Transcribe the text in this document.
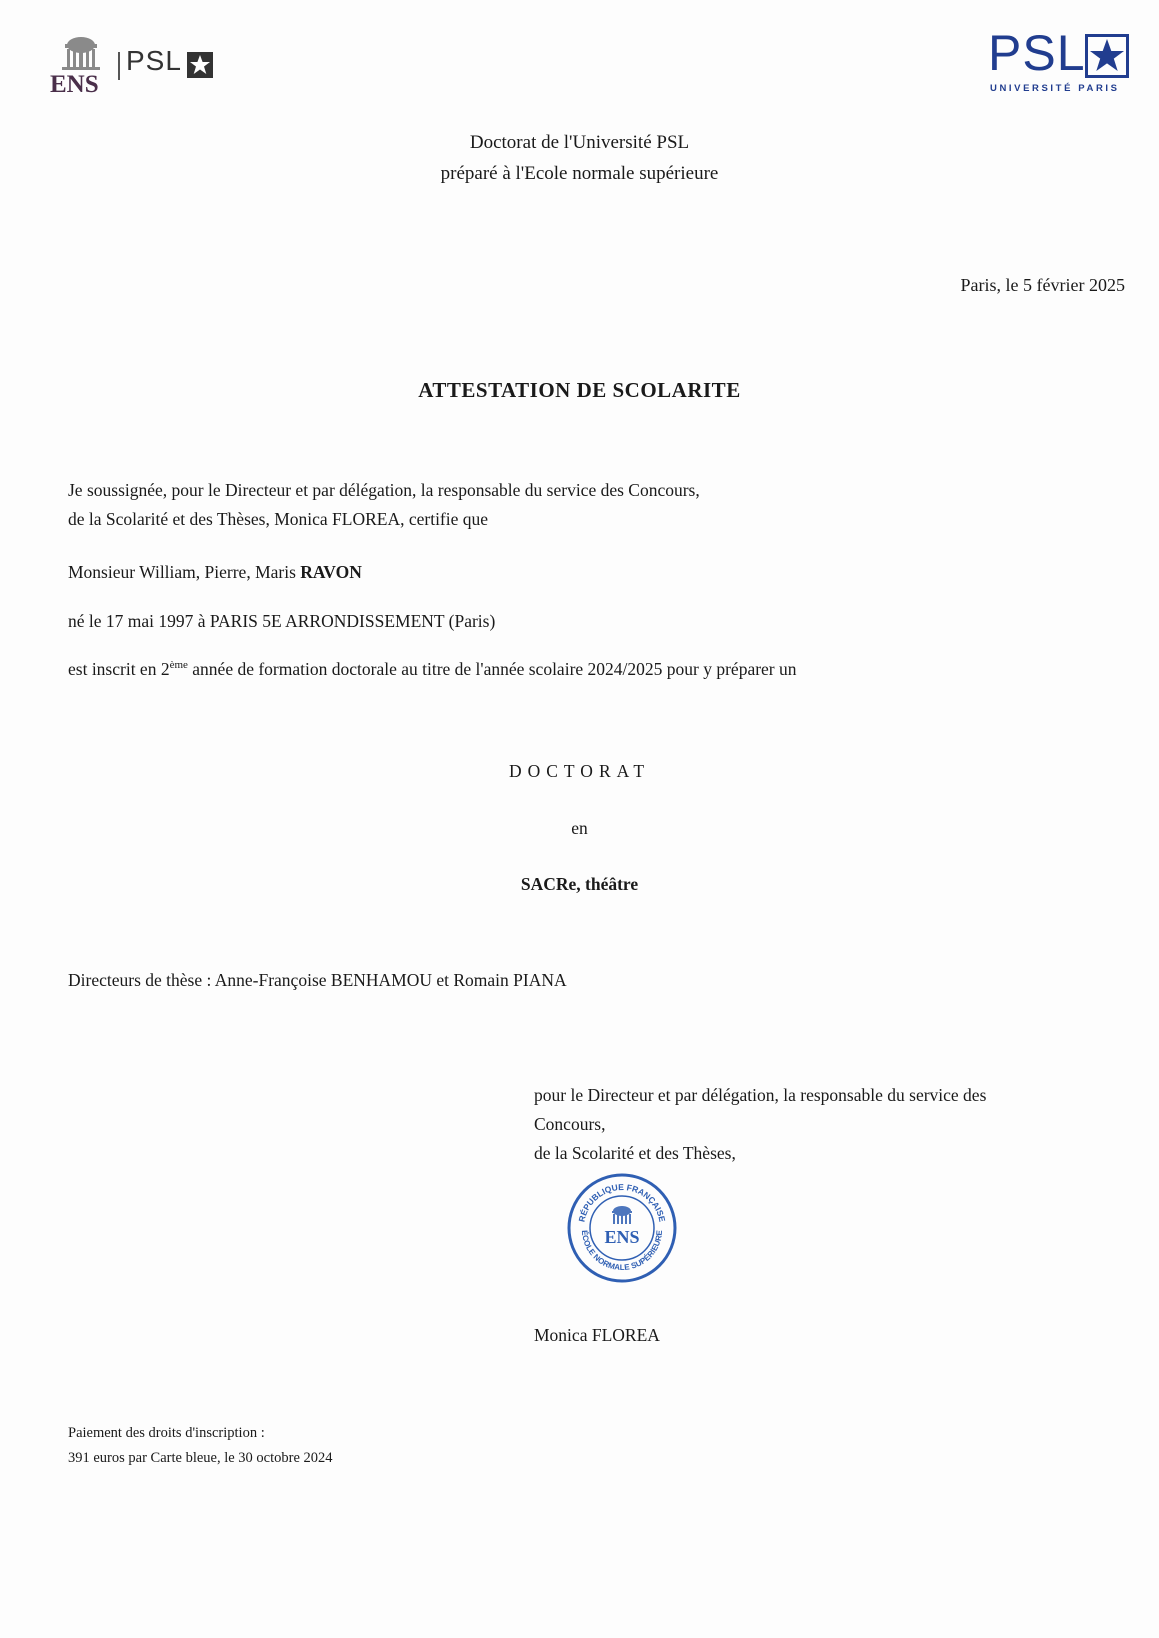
ENS
PSL	PSL
UNIVERSITÉ PARIS
Doctorat de l'Université PSL
préparé à l'Ecole normale supérieure
Paris, le 5 février 2025
ATTESTATION DE SCOLARITE
Je soussignée, pour le Directeur et par délégation, la responsable du service des Concours,
de la Scolarité et des Thèses, Monica FLOREA, certifie que
Monsieur William, Pierre, Maris RAVON
né le 17 mai 1997 à PARIS 5E ARRONDISSEMENT (Paris)
est inscrit en 2ème année de formation doctorale au titre de l'année scolaire 2024/2025 pour y préparer un
DOCTORAT
en
SACRe, théâtre
Directeurs de thèse : Anne-Françoise BENHAMOU et Romain PIANA
pour le Directeur et par délégation, la responsable du service des
Concours,
de la Scolarité et des Thèses,
RÉPUBLIQUE FRANÇAISE
ÉCOLE NORMALE SUPÉRIEURE
ENS
Monica FLOREA
Paiement des droits d'inscription :
391 euros par Carte bleue, le 30 octobre 2024
